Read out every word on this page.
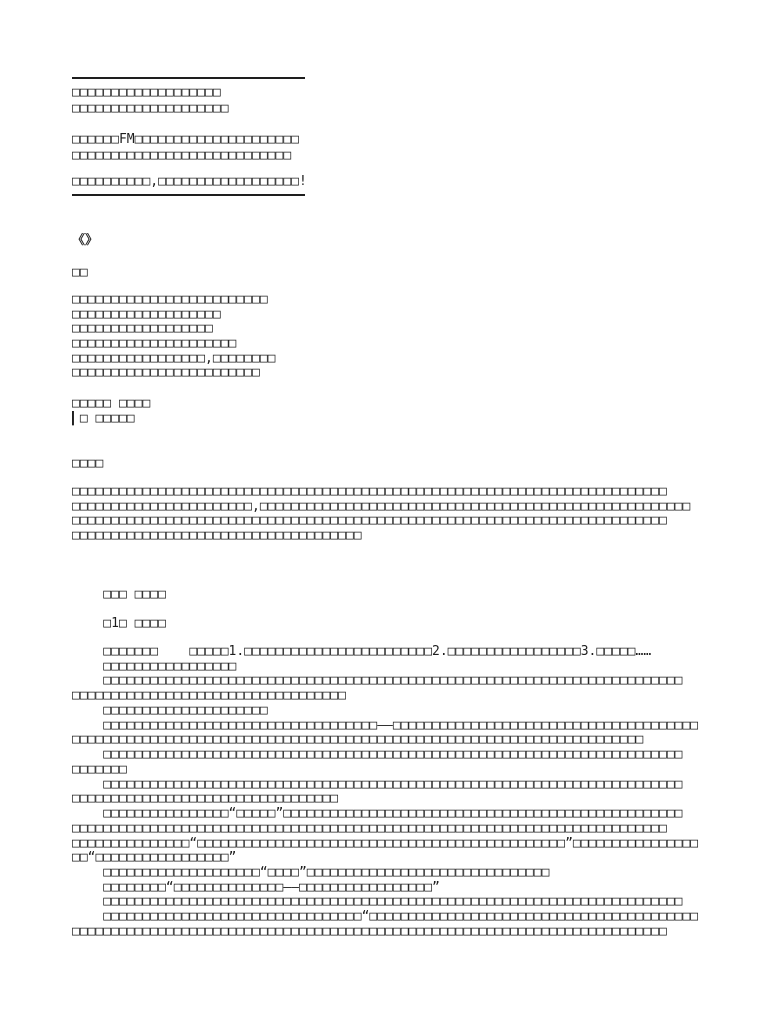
□□□□□□□□□□□□□□□□□□□
□□□□□□□□□□□□□□□□□□□□
□□□□□□FM□□□□□□□□□□□□□□□□□□□□□
□□□□□□□□□□□□□□□□□□□□□□□□□□□□
□□□□□□□□□□,□□□□□□□□□□□□□□□□□□!
《》
□□
□□□□□□□□□□□□□□□□□□□□□□□□□
□□□□□□□□□□□□□□□□□□□
□□□□□□□□□□□□□□□□□□
□□□□□□□□□□□□□□□□□□□□□
□□□□□□□□□□□□□□□□□,□□□□□□□□
□□□□□□□□□□□□□□□□□□□□□□□□
□□□□□ □□□□
▎□ □□□□□
□□□□
□□□□□□□□□□□□□□□□□□□□□□□□□□□□□□□□□□□□□□□□□□□□□□□□□□□□□□□□□□□□□□□□□□□□□□□□□□□□
□□□□□□□□□□□□□□□□□□□□□□□,□□□□□□□□□□□□□□□□□□□□□□□□□□□□□□□□□□□□□□□□□□□□□□□□□□□□□□□
□□□□□□□□□□□□□□□□□□□□□□□□□□□□□□□□□□□□□□□□□□□□□□□□□□□□□□□□□□□□□□□□□□□□□□□□□□□□
□□□□□□□□□□□□□□□□□□□□□□□□□□□□□□□□□□□□□
□□□ □□□□
□1□ □□□□
□□□□□□□    □□□□□1.□□□□□□□□□□□□□□□□□□□□□□□□2.□□□□□□□□□□□□□□□□□3.□□□□□……
□□□□□□□□□□□□□□□□□
□□□□□□□□□□□□□□□□□□□□□□□□□□□□□□□□□□□□□□□□□□□□□□□□□□□□□□□□□□□□□□□□□□□□□□□□□□
□□□□□□□□□□□□□□□□□□□□□□□□□□□□□□□□□□□
□□□□□□□□□□□□□□□□□□□□□
□□□□□□□□□□□□□□□□□□□□□□□□□□□□□□□□□□□——□□□□□□□□□□□□□□□□□□□□□□□□□□□□□□□□□□□□□□□
□□□□□□□□□□□□□□□□□□□□□□□□□□□□□□□□□□□□□□□□□□□□□□□□□□□□□□□□□□□□□□□□□□□□□□□□□
□□□□□□□□□□□□□□□□□□□□□□□□□□□□□□□□□□□□□□□□□□□□□□□□□□□□□□□□□□□□□□□□□□□□□□□□□□
□□□□□□□
□□□□□□□□□□□□□□□□□□□□□□□□□□□□□□□□□□□□□□□□□□□□□□□□□□□□□□□□□□□□□□□□□□□□□□□□□□
□□□□□□□□□□□□□□□□□□□□□□□□□□□□□□□□□□
□□□□□□□□□□□□□□□□“□□□□□”□□□□□□□□□□□□□□□□□□□□□□□□□□□□□□□□□□□□□□□□□□□□□□□□□□□
□□□□□□□□□□□□□□□□□□□□□□□□□□□□□□□□□□□□□□□□□□□□□□□□□□□□□□□□□□□□□□□□□□□□□□□□□□□□
□□□□□□□□□□□□□□□“□□□□□□□□□□□□□□□□□□□□□□□□□□□□□□□□□□□□□□□□□□□□□□□”□□□□□□□□□□□□□□□□
□□“□□□□□□□□□□□□□□□□□”
□□□□□□□□□□□□□□□□□□□□“□□□□”□□□□□□□□□□□□□□□□□□□□□□□□□□□□□□□
□□□□□□□□“□□□□□□□□□□□□□□——□□□□□□□□□□□□□□□□□”
□□□□□□□□□□□□□□□□□□□□□□□□□□□□□□□□□□□□□□□□□□□□□□□□□□□□□□□□□□□□□□□□□□□□□□□□□□
□□□□□□□□□□□□□□□□□□□□□□□□□□□□□□□□□“□□□□□□□□□□□□□□□□□□□□□□□□□□□□□□□□□□□□□□□□□□
□□□□□□□□□□□□□□□□□□□□□□□□□□□□□□□□□□□□□□□□□□□□□□□□□□□□□□□□□□□□□□□□□□□□□□□□□□□□
